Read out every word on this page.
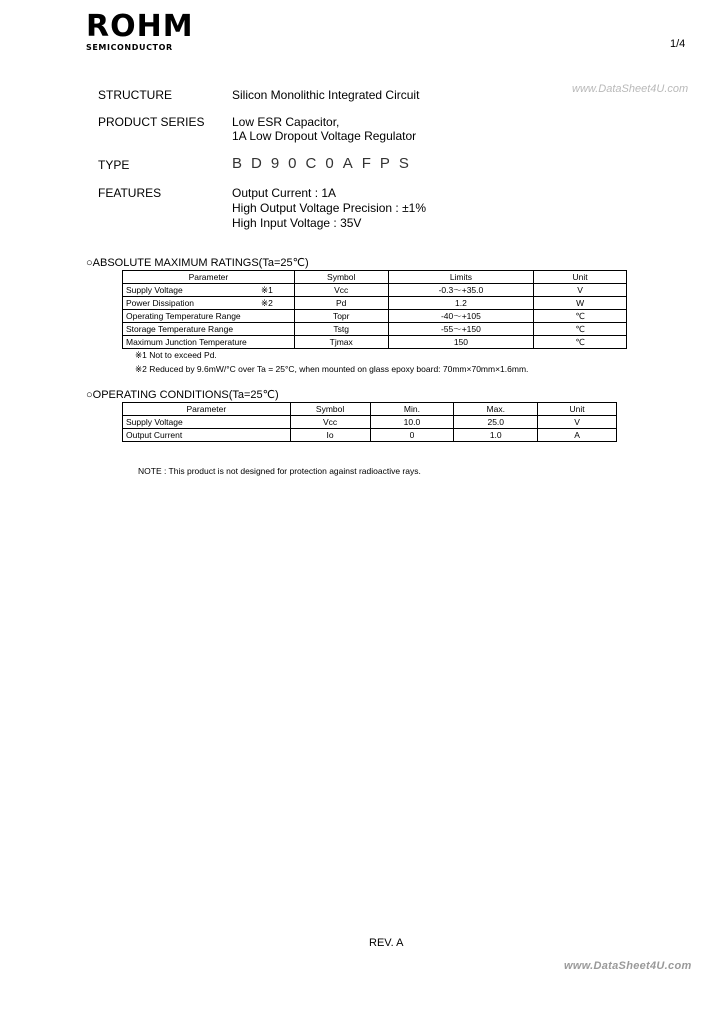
ROHM
SEMICONDUCTOR	1/4
www.DataSheet4U.com
STRUCTURE	Silicon Monolithic Integrated Circuit
PRODUCT SERIES Low ESR Capacitor,
1A Low Dropout Voltage Regulator
TYPE	BD90C0AFPS
FEATURES	Output Current : 1A
High Output Voltage Precision : ±1%
High Input Voltage : 35V
○ABSOLUTE MAXIMUM RATINGS(Ta=25℃)
Parameter	Symbol	Limits	Unit
Supply Voltage ※1	Vcc	-0.3～+35.0	V
Power Dissipation ※2	Pd	1.2	W
Operating Temperature Range	Topr	-40～+105	℃
Storage Temperature Range	Tstg	-55～+150	℃
Maximum Junction Temperature	Tjmax	150	℃
※1 Not to exceed Pd.
※2 Reduced by 9.6mW/°C over Ta = 25°C, when mounted on glass epoxy board: 70mm×70mm×1.6mm.
○OPERATING CONDITIONS(Ta=25℃)
Parameter	Symbol	Min.	Max.	Unit
Supply Voltage	Vcc	10.0	25.0	V
Output Current	Io	0	1.0	A
NOTE : This product is not designed for protection against radioactive rays.
REV. A
www.DataSheet4U.com
